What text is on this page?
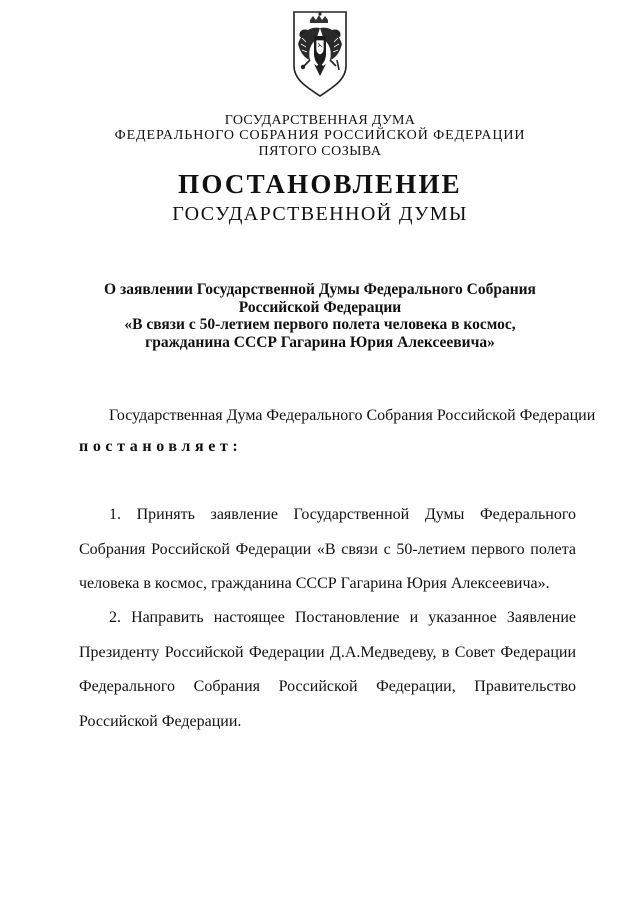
ГОСУДАРСТВЕННАЯ ДУМА
ФЕДЕРАЛЬНОГО СОБРАНИЯ РОССИЙСКОЙ ФЕДЕРАЦИИ
ПЯТОГО СОЗЫВА
ПОСТАНОВЛЕНИЕ
ГОСУДАРСТВЕННОЙ ДУМЫ
О заявлении Государственной Думы Федерального Собрания
Российской Федерации
«В связи с 50-летием первого полета человека в космос,
гражданина СССР Гагарина Юрия Алексеевича»
Государственная Дума Федерального Собрания Российской Федерации
постановляет:
1. Принять заявление Государственной Думы Федерального Собрания Российской Федерации «В связи с 50-летием первого полета человека в космос, гражданина СССР Гагарина Юрия Алексеевича».
2. Направить настоящее Постановление и указанное Заявление Президенту Российской Федерации Д.А.Медведеву, в Совет Федерации Федерального Собрания Российской Федерации, Правительство Российской Федерации.
